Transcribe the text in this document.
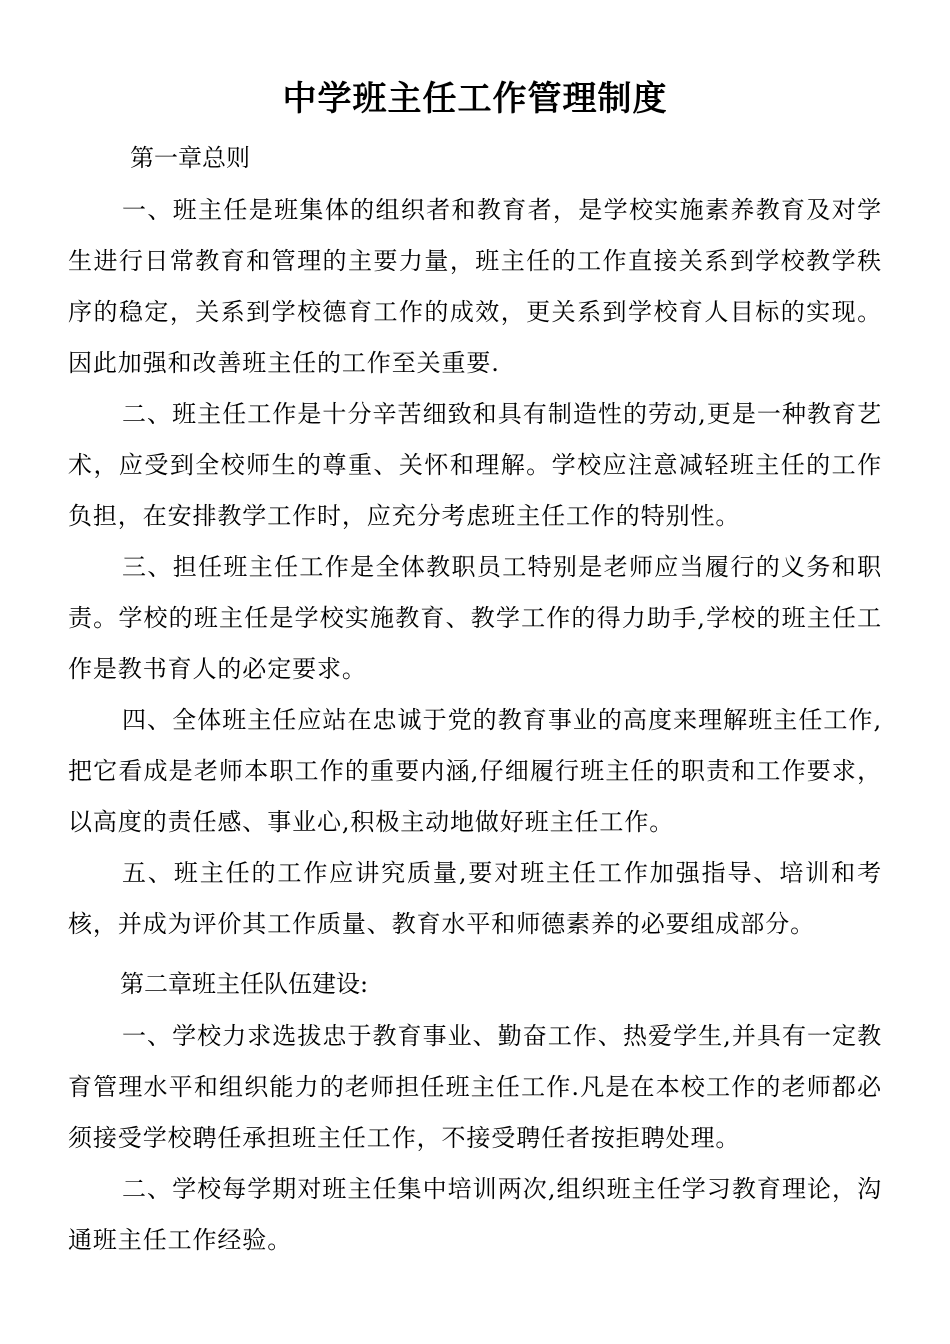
中学班主任工作管理制度
第一章总则

一、班主任是班集体的组织者和教育者，是学校实施素养教育及对学生进行日常教育和管理的主要力量，班主任的工作直接关系到学校教学秩序的稳定，关系到学校德育工作的成效，更关系到学校育人目标的实现。因此加强和改善班主任的工作至关重要.

二、班主任工作是十分辛苦细致和具有制造性的劳动,更是一种教育艺术，应受到全校师生的尊重、关怀和理解。学校应注意减轻班主任的工作负担，在安排教学工作时，应充分考虑班主任工作的特别性。

三、担任班主任工作是全体教职员工特别是老师应当履行的义务和职责。学校的班主任是学校实施教育、教学工作的得力助手,学校的班主任工作是教书育人的必定要求。

四、全体班主任应站在忠诚于党的教育事业的高度来理解班主任工作,把它看成是老师本职工作的重要内涵,仔细履行班主任的职责和工作要求，以高度的责任感、事业心,积极主动地做好班主任工作。

五、班主任的工作应讲究质量,要对班主任工作加强指导、培训和考核，并成为评价其工作质量、教育水平和师德素养的必要组成部分。

第二章班主任队伍建设:

一、学校力求选拔忠于教育事业、勤奋工作、热爱学生,并具有一定教育管理水平和组织能力的老师担任班主任工作.凡是在本校工作的老师都必须接受学校聘任承担班主任工作，不接受聘任者按拒聘处理。

二、学校每学期对班主任集中培训两次,组织班主任学习教育理论，沟通班主任工作经验。
